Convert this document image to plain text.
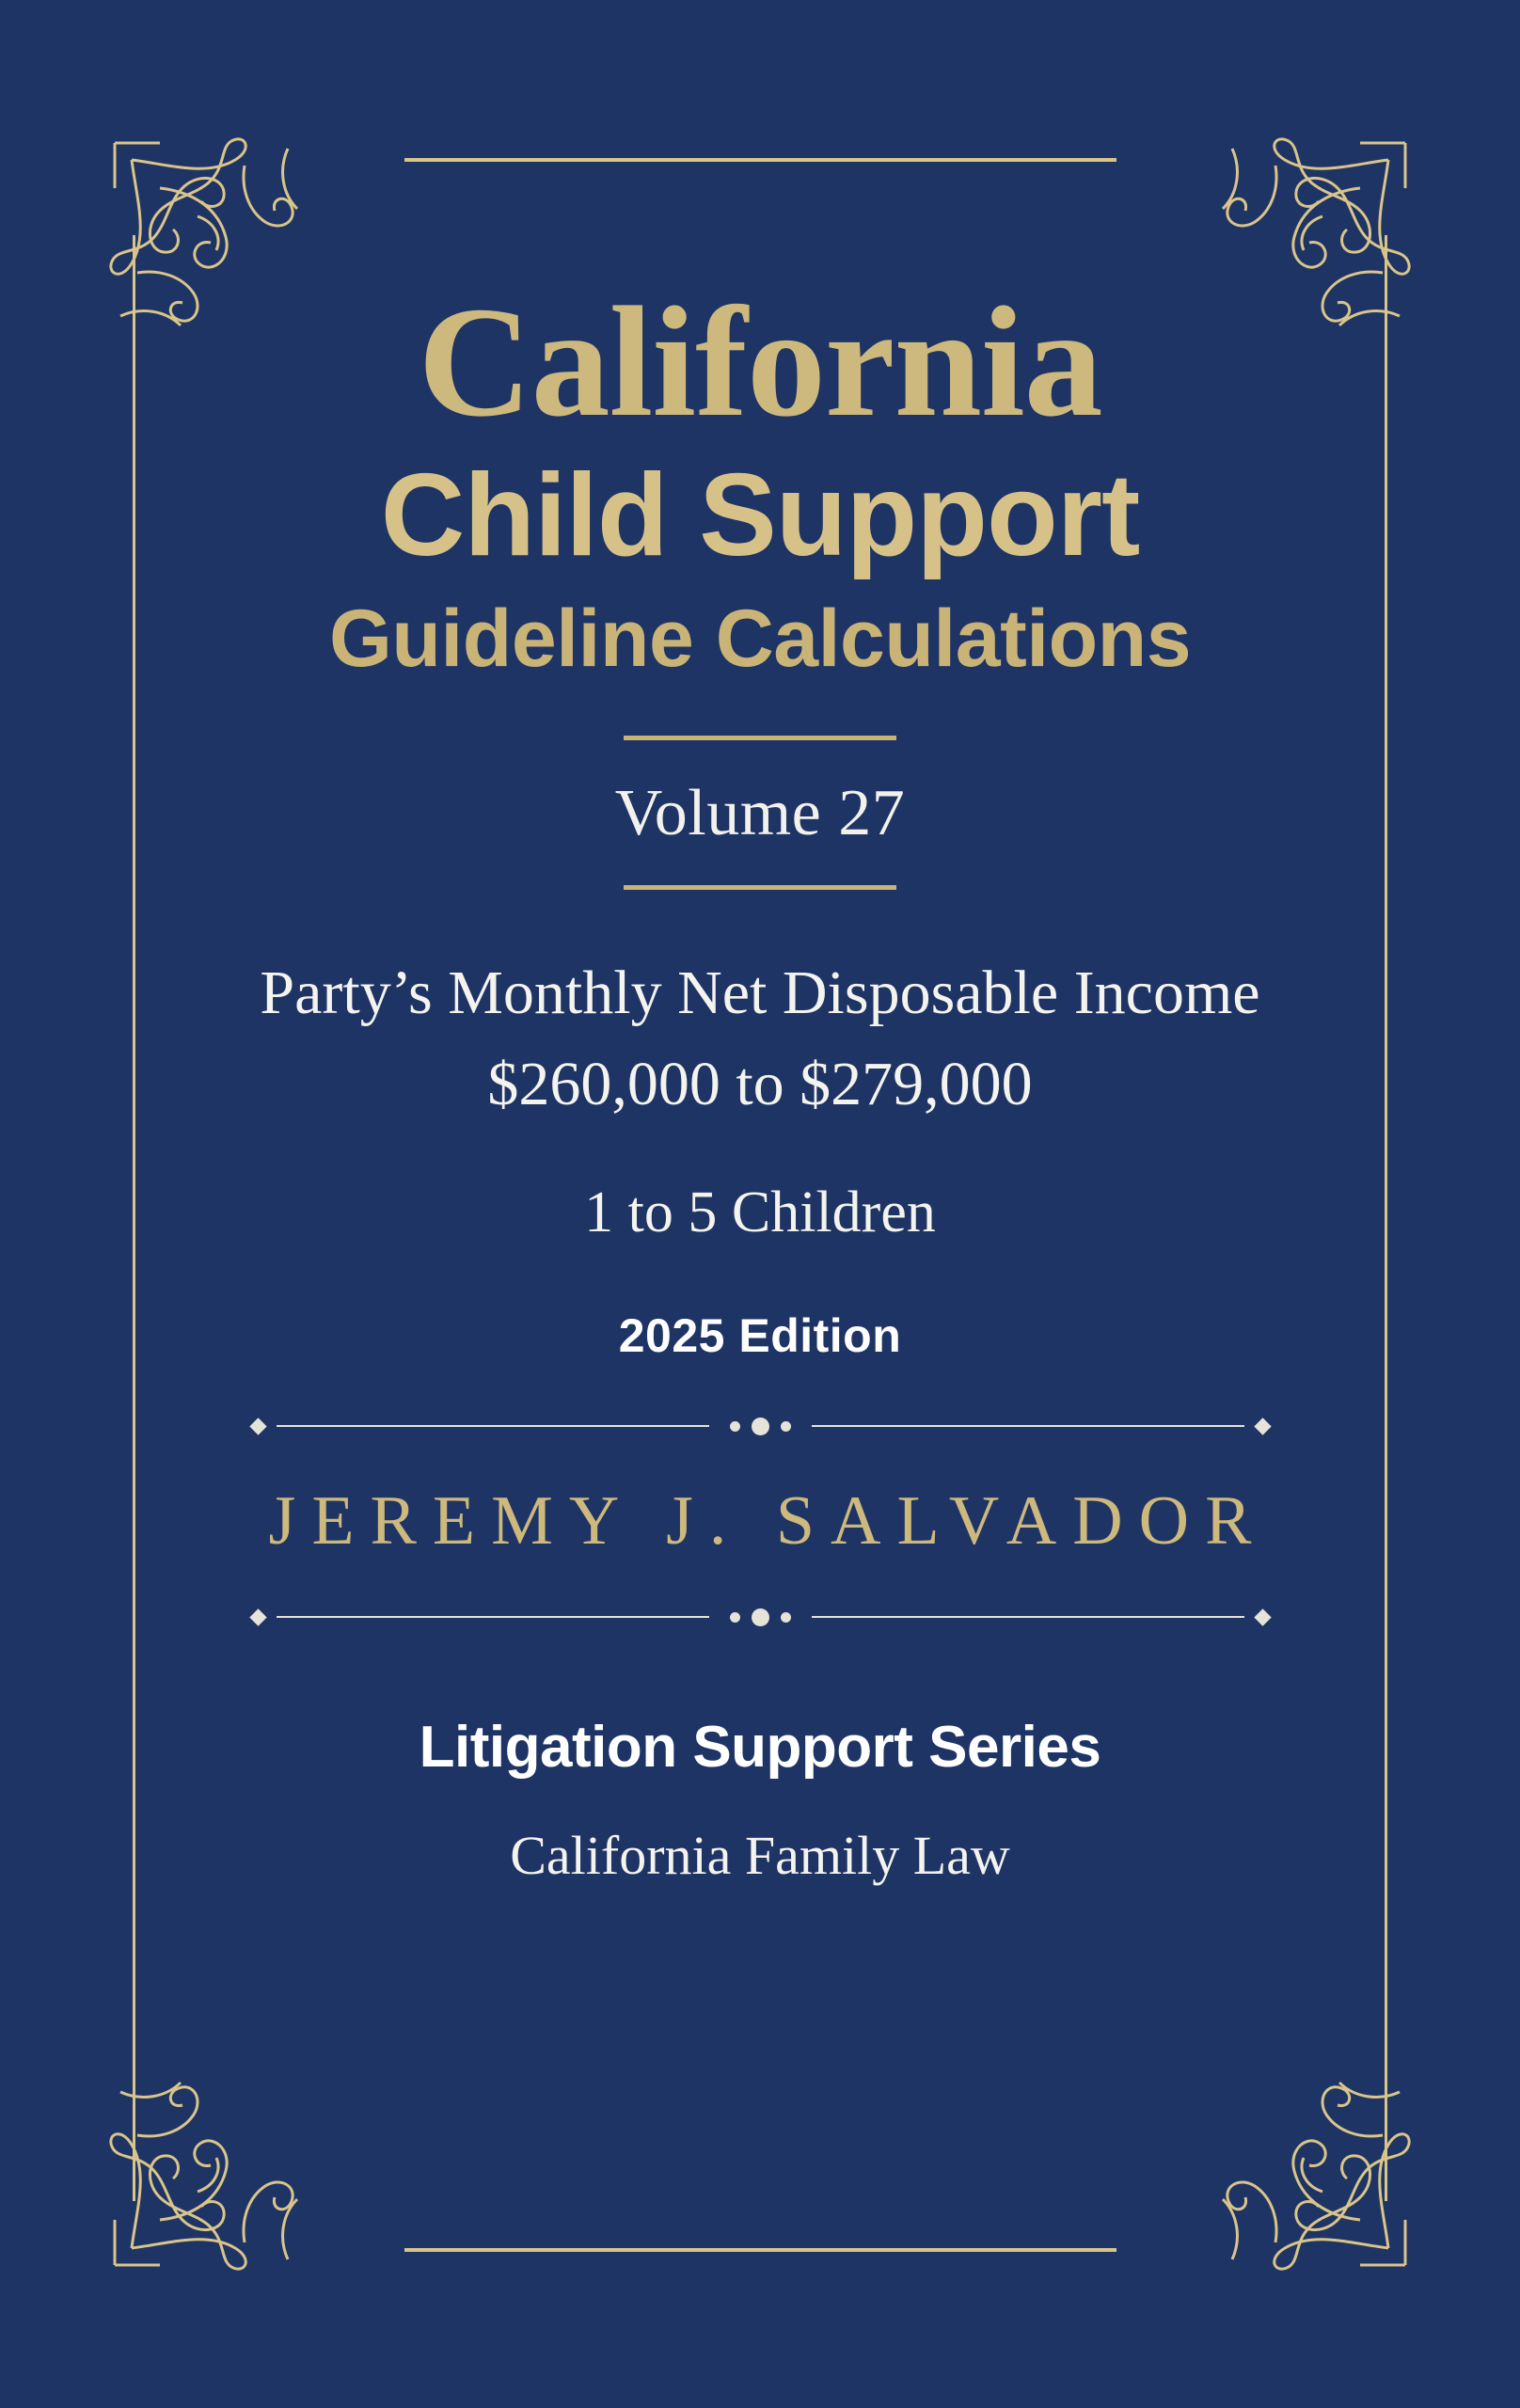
California
Child Support
Guideline Calculations
Volume 27
Party’s Monthly Net Disposable Income
$260,000 to $279,000
1 to 5 Children
2025 Edition
JEREMY J. SALVADOR
Litigation Support Series
California Family Law
